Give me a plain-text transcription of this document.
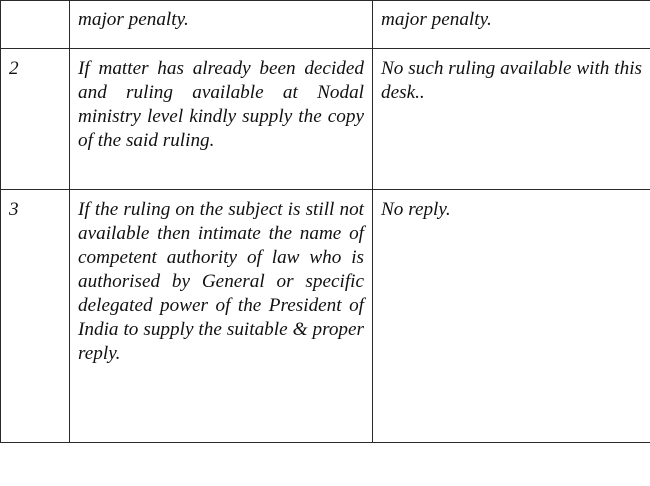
	major penalty.	major penalty.
2	If matter has already been decided and ruling available at Nodal ministry level kindly supply the copy of the said ruling.	No such ruling available with this desk..
3	If the ruling on the subject is still not available then intimate the name of competent authority of law who is authorised by General or specific delegated power of the President of India to supply the suitable & proper reply.	No reply.
